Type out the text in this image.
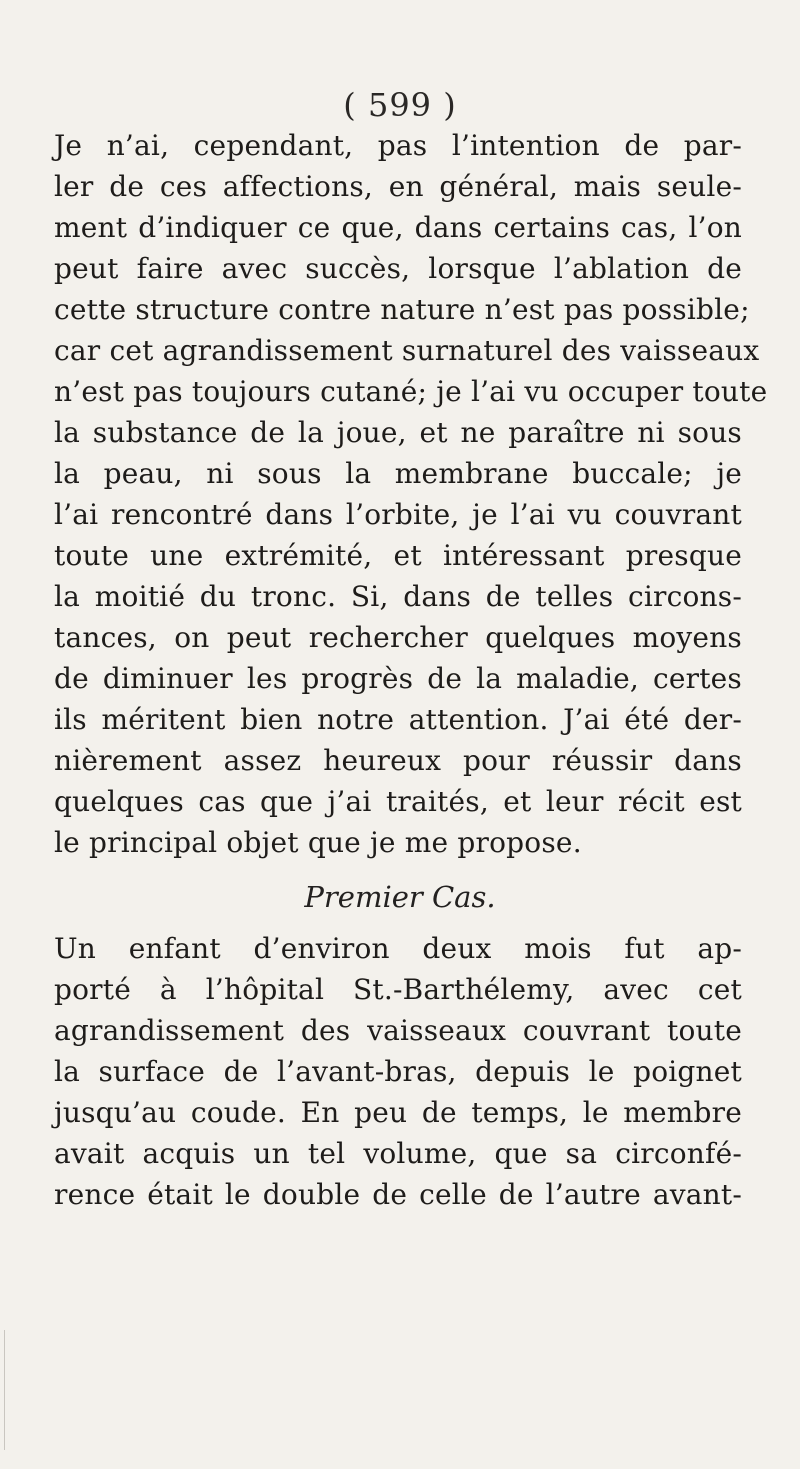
( 599 )
Je n’ai, cependant, pas l’intention de par-
ler de ces affections, en général, mais seule-
ment d’indiquer ce que, dans certains cas, l’on
peut faire avec succès, lorsque l’ablation de
cette structure contre nature n’est pas possible;
car cet agrandissement surnaturel des vaisseaux
n’est pas toujours cutané; je l’ai vu occuper toute
la substance de la joue, et ne paraître ni sous
la peau, ni sous la membrane buccale; je
l’ai rencontré dans l’orbite, je l’ai vu couvrant
toute une extrémité, et intéressant presque
la moitié du tronc. Si, dans de telles circons-
tances, on peut rechercher quelques moyens
de diminuer les progrès de la maladie, certes
ils méritent bien notre attention. J’ai été der-
nièrement assez heureux pour réussir dans
quelques cas que j’ai traités, et leur récit est
le principal objet que je me propose.
Premier Cas.
Un enfant d’environ deux mois fut ap-
porté à l’hôpital St.-Barthélemy, avec cet
agrandissement des vaisseaux couvrant toute
la surface de l’avant-bras, depuis le poignet
jusqu’au coude. En peu de temps, le membre
avait acquis un tel volume, que sa circonfé-
rence était le double de celle de l’autre avant-
